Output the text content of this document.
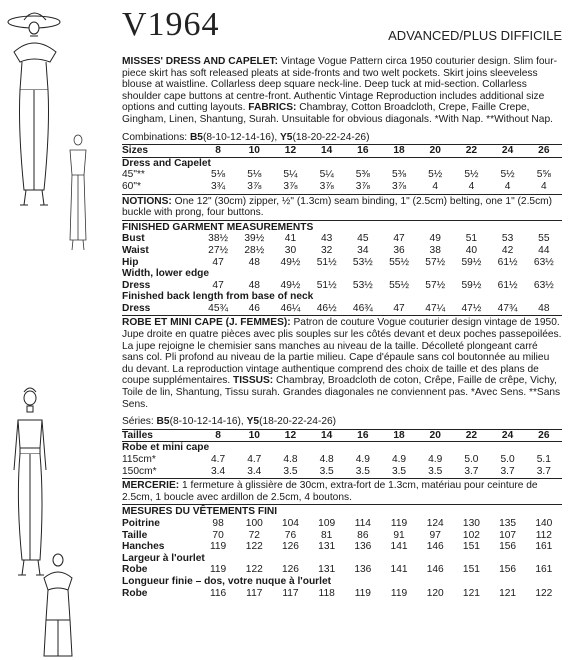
V1964	ADVANCED/PLUS DIFFICILE
MISSES' DRESS AND CAPELET: Vintage Vogue Pattern circa 1950 couturier design. Slim four-piece skirt has soft released pleats at side-fronts and two welt pockets. Skirt joins sleeveless blouse at waistline. Collarless deep square neck-line. Deep tuck at mid-section. Collarless shoulder cape buttons at centre-front. Authentic Vintage Reproduction includes additional size options and cutting layouts. FABRICS: Chambray, Cotton Broadcloth, Crepe, Faille Crepe, Gingham, Linen, Shantung, Surah. Unsuitable for obvious diagonals. *With Nap. **Without Nap.
Combinations: B5(8-10-12-14-16), Y5(18-20-22-24-26)
Sizes	8	10	12	14	16	18	20	22	24	26
Dress and Capelet										
45"**	5⅛	5⅛	5¼	5¼	5⅜	5⅜	5½	5½	5½	5⅝
60"*	3¾	3⅞	3⅞	3⅞	3⅞	3⅞	4	4	4	4
NOTIONS: One 12" (30cm) zipper, ½" (1.3cm) seam binding, 1" (2.5cm) belting, one 1" (2.5cm) buckle with prong, four buttons.
FINISHED GARMENT MEASUREMENTS
Bust	38½	39½	41	43	45	47	49	51	53	55
Waist	27½	28½	30	32	34	36	38	40	42	44
Hip	47	48	49½	51½	53½	55½	57½	59½	61½	63½
Width, lower edge										
Dress	47	48	49½	51½	53½	55½	57½	59½	61½	63½
Finished back length from base of neck										
Dress	45¾	46	46¼	46½	46¾	47	47¼	47½	47¾	48
ROBE ET MINI CAPE (J. FEMMES): Patron de couture Vogue couturier design vintage de 1950. Jupe droite en quatre pièces avec plis souples sur les côtés devant et deux poches passepoilées. La jupe rejoigne le chemisier sans manches au niveau de la taille. Décolleté plongeant carré sans col. Pli profond au niveau de la partie milieu. Cape d'épaule sans col boutonnée au milieu du devant. La reproduction vintage authentique comprend des choix de taille et des plans de coupe supplémentaires. TISSUS: Chambray, Broadcloth de coton, Crêpe, Faille de crêpe, Vichy, Toile de lin, Shantung, Tissu surah. Grandes diagonales ne conviennent pas. *Avec Sens. **Sans Sens.
Séries: B5(8-10-12-14-16), Y5(18-20-22-24-26)
Tailles	8	10	12	14	16	18	20	22	24	26
Robe et mini cape										
115cm*	4.7	4.7	4.8	4.8	4.9	4.9	4.9	5.0	5.0	5.1
150cm*	3.4	3.4	3.5	3.5	3.5	3.5	3.5	3.7	3.7	3.7
MERCERIE: 1 fermeture à glissière de 30cm, extra-fort de 1.3cm, matériau pour ceinture de 2.5cm, 1 boucle avec ardillon de 2.5cm, 4 boutons.
MESURES DU VÊTEMENTS FINI
Poitrine	98	100	104	109	114	119	124	130	135	140
Taille	70	72	76	81	86	91	97	102	107	112
Hanches	119	122	126	131	136	141	146	151	156	161
Largeur à l'ourlet										
Robe	119	122	126	131	136	141	146	151	156	161
Longueur finie – dos, votre nuque à l'ourlet										
Robe	116	117	117	118	119	119	120	121	121	122
